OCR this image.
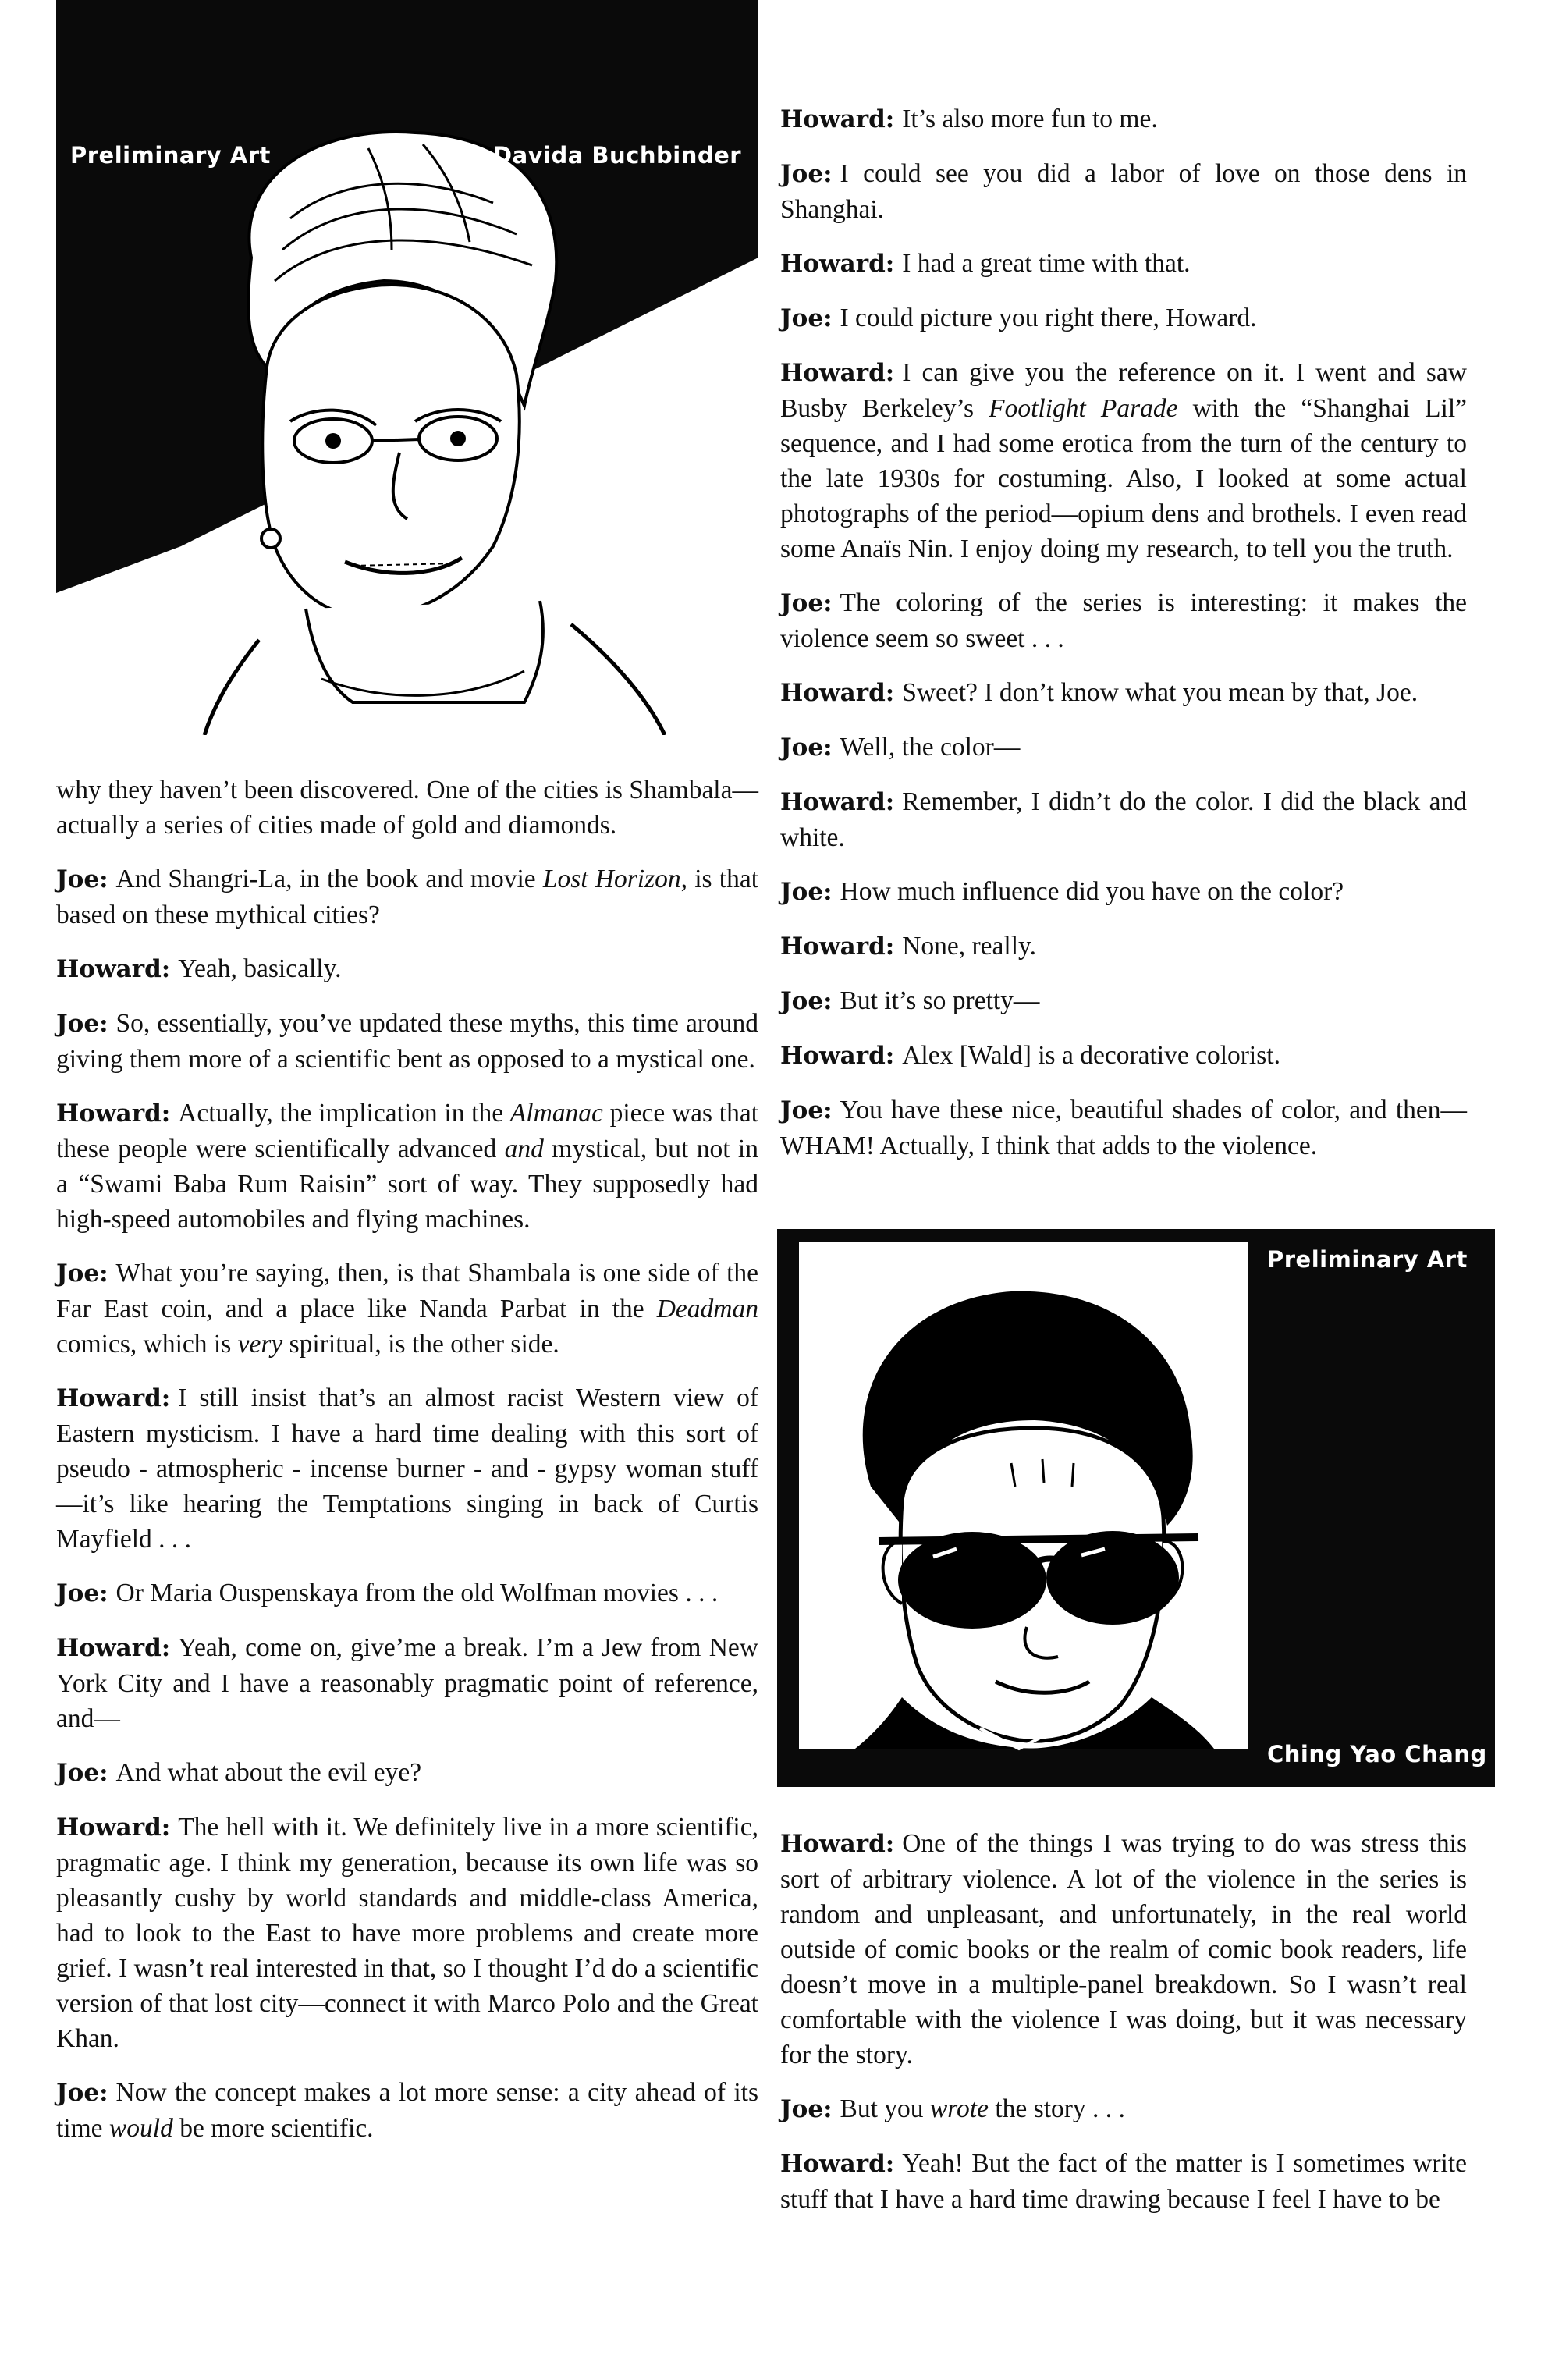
Preliminary Art	Davida Buchbinder

why they haven’t been discovered. One of the cities is Shambala—actually a series of cities made of gold and diamonds.

Joe: And Shangri-La, in the book and movie Lost Horizon, is that based on these mythical cities?

Howard: Yeah, basically.

Joe: So, essentially, you’ve updated these myths, this time around giving them more of a scientific bent as opposed to a mystical one.

Howard: Actually, the implication in the Almanac piece was that these people were scientifically advanced and mystical, but not in a “Swami Baba Rum Raisin” sort of way. They supposedly had high-speed automobiles and flying machines.

Joe: What you’re saying, then, is that Shambala is one side of the Far East coin, and a place like Nanda Parbat in the Deadman comics, which is very spiritual, is the other side.

Howard: I still insist that’s an almost racist Western view of Eastern mysticism. I have a hard time dealing with this sort of pseudo - atmospheric - incense burner - and - gypsy woman stuff—it’s like hearing the Temptations singing in back of Curtis Mayfield . . .

Joe: Or Maria Ouspenskaya from the old Wolfman movies . . .

Howard: Yeah, come on, give’me a break. I’m a Jew from New York City and I have a reasonably pragmatic point of reference, and—

Joe: And what about the evil eye?

Howard: The hell with it. We definitely live in a more scientific, pragmatic age. I think my generation, because its own life was so pleasantly cushy by world standards and middle-class America, had to look to the East to have more problems and create more grief. I wasn’t real interested in that, so I thought I’d do a scientific version of that lost city—connect it with Marco Polo and the Great Khan.

Joe: Now the concept makes a lot more sense: a city ahead of its time would be more scientific.

Howard: It’s also more fun to me.

Joe: I could see you did a labor of love on those dens in Shanghai.

Howard: I had a great time with that.

Joe: I could picture you right there, Howard.

Howard: I can give you the reference on it. I went and saw Busby Berkeley’s Footlight Parade with the “Shanghai Lil” sequence, and I had some erotica from the turn of the century to the late 1930s for costuming. Also, I looked at some actual photographs of the period—opium dens and brothels. I even read some Anaïs Nin. I enjoy doing my research, to tell you the truth.

Joe: The coloring of the series is interesting: it makes the violence seem so sweet . . .

Howard: Sweet? I don’t know what you mean by that, Joe.

Joe: Well, the color—

Howard: Remember, I didn’t do the color. I did the black and white.

Joe: How much influence did you have on the color?

Howard: None, really.

Joe: But it’s so pretty—

Howard: Alex [Wald] is a decorative colorist.

Joe: You have these nice, beautiful shades of color, and then—WHAM! Actually, I think that adds to the violence.

Preliminary Art
Ching Yao Chang

Howard: One of the things I was trying to do was stress this sort of arbitrary violence. A lot of the violence in the series is random and unpleasant, and unfortunately, in the real world outside of comic books or the realm of comic book readers, life doesn’t move in a multiple-panel breakdown. So I wasn’t real comfortable with the violence I was doing, but it was necessary for the story.

Joe: But you wrote the story . . .

Howard: Yeah! But the fact of the matter is I sometimes write stuff that I have a hard time drawing because I feel I have to be
